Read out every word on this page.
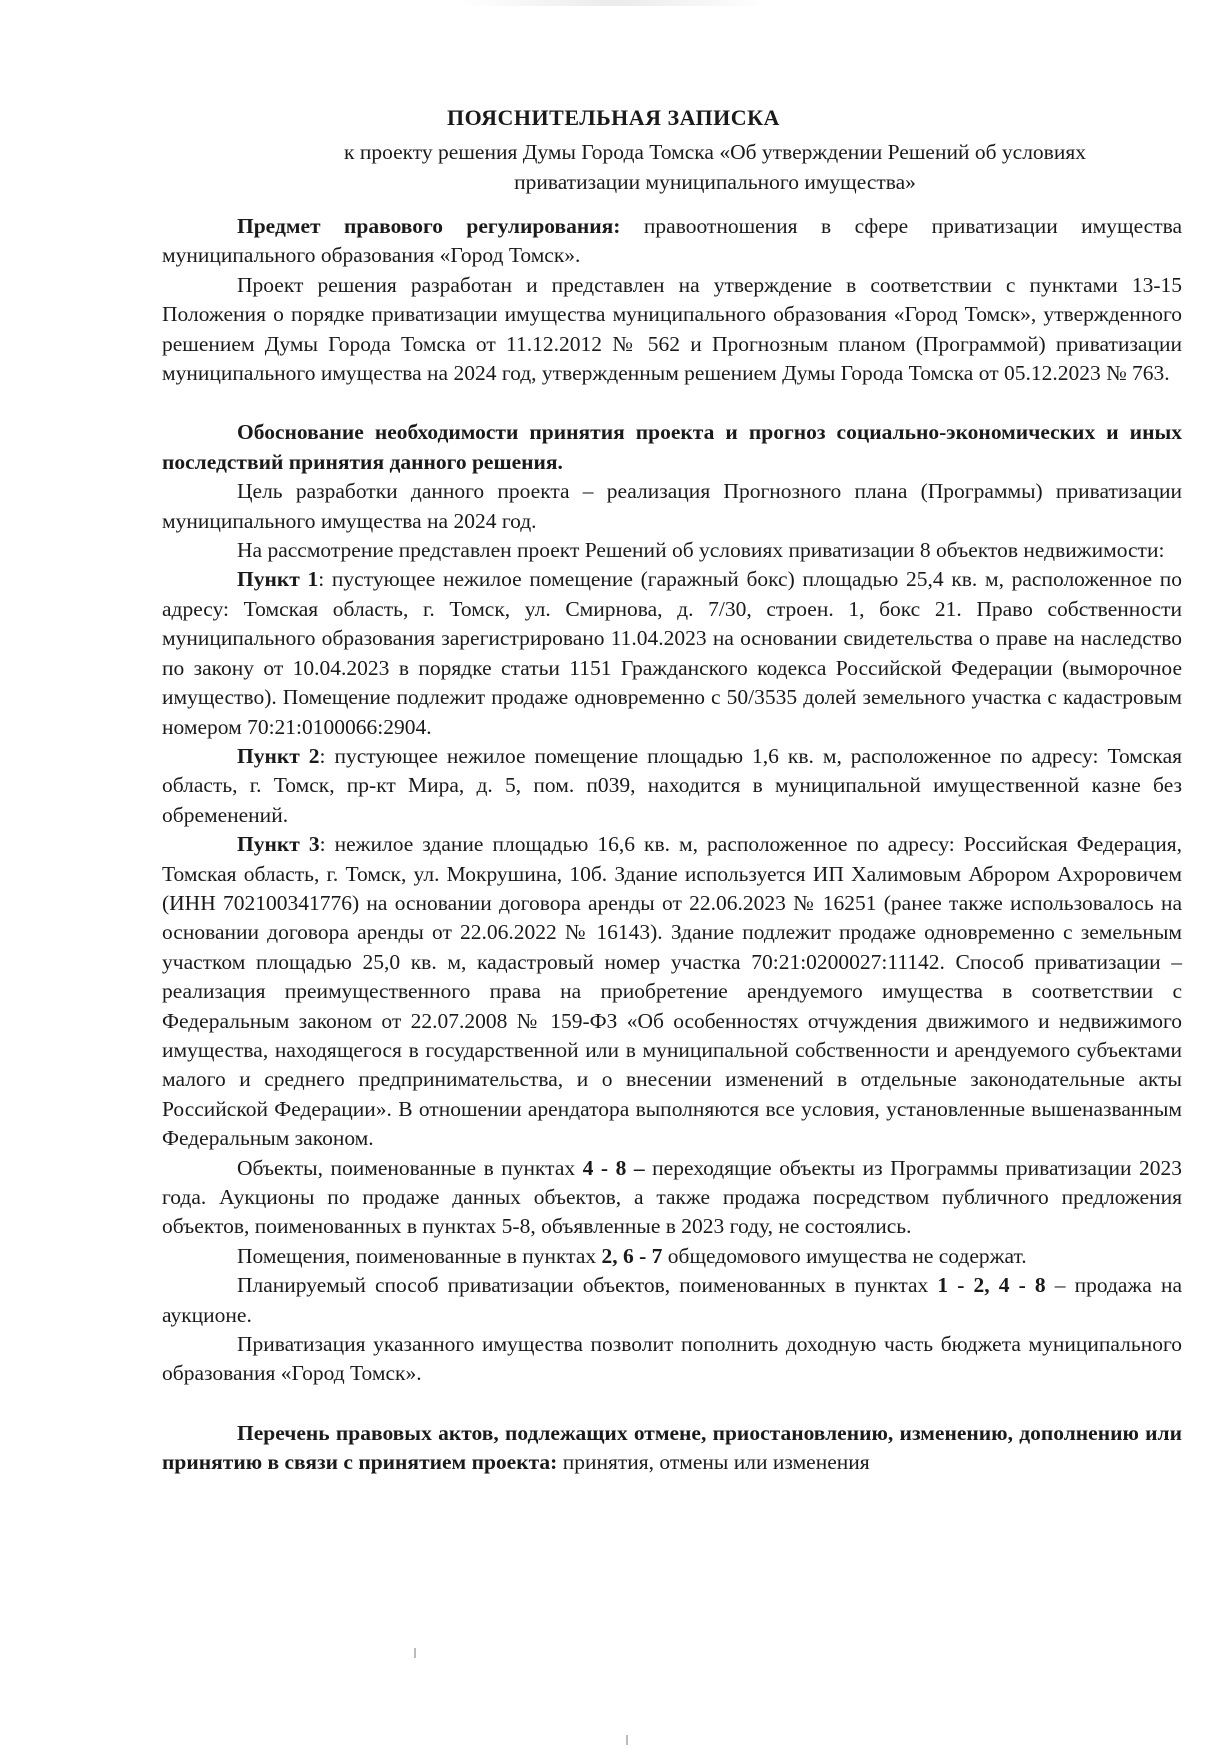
ПОЯСНИТЕЛЬНАЯ ЗАПИСКА
к проекту решения Думы Города Томска «Об утверждении Решений об условиях
приватизации муниципального имущества»

Предмет правового регулирования: правоотношения в сфере приватизации имущества муниципального образования «Город Томск».

Проект решения разработан и представлен на утверждение в соответствии с пунктами 13-15 Положения о порядке приватизации имущества муниципального образования «Город Томск», утвержденного решением Думы Города Томска от 11.12.2012 № 562 и Прогнозным планом (Программой) приватизации муниципального имущества на 2024 год, утвержденным решением Думы Города Томска от 05.12.2023 № 763.

Обоснование необходимости принятия проекта и прогноз социально-экономических и иных последствий принятия данного решения.

Цель разработки данного проекта – реализация Прогнозного плана (Программы) приватизации муниципального имущества на 2024 год.

На рассмотрение представлен проект Решений об условиях приватизации 8 объектов недвижимости:

Пункт 1: пустующее нежилое помещение (гаражный бокс) площадью 25,4 кв. м, расположенное по адресу: Томская область, г. Томск, ул. Смирнова, д. 7/30, строен. 1, бокс 21. Право собственности муниципального образования зарегистрировано 11.04.2023 на основании свидетельства о праве на наследство по закону от 10.04.2023 в порядке статьи 1151 Гражданского кодекса Российской Федерации (выморочное имущество). Помещение подлежит продаже одновременно с 50/3535 долей земельного участка с кадастровым номером 70:21:0100066:2904.

Пункт 2: пустующее нежилое помещение площадью 1,6 кв. м, расположенное по адресу: Томская область, г. Томск, пр-кт Мира, д. 5, пом. п039, находится в муниципальной имущественной казне без обременений.

Пункт 3: нежилое здание площадью 16,6 кв. м, расположенное по адресу: Российская Федерация, Томская область, г. Томск, ул. Мокрушина, 10б. Здание используется ИП Халимовым Аброром Ахроровичем (ИНН 702100341776) на основании договора аренды от 22.06.2023 № 16251 (ранее также использовалось на основании договора аренды от 22.06.2022 № 16143). Здание подлежит продаже одновременно с земельным участком площадью 25,0 кв. м, кадастровый номер участка 70:21:0200027:11142. Способ приватизации – реализация преимущественного права на приобретение арендуемого имущества в соответствии с Федеральным законом от 22.07.2008 № 159-ФЗ «Об особенностях отчуждения движимого и недвижимого имущества, находящегося в государственной или в муниципальной собственности и арендуемого субъектами малого и среднего предпринимательства, и о внесении изменений в отдельные законодательные акты Российской Федерации». В отношении арендатора выполняются все условия, установленные вышеназванным Федеральным законом.

Объекты, поименованные в пунктах 4 - 8 – переходящие объекты из Программы приватизации 2023 года. Аукционы по продаже данных объектов, а также продажа посредством публичного предложения объектов, поименованных в пунктах 5-8, объявленные в 2023 году, не состоялись.

Помещения, поименованные в пунктах 2, 6 - 7 общедомового имущества не содержат.

Планируемый способ приватизации объектов, поименованных в пунктах 1 - 2, 4 - 8 – продажа на аукционе.

Приватизация указанного имущества позволит пополнить доходную часть бюджета муниципального образования «Город Томск».

Перечень правовых актов, подлежащих отмене, приостановлению, изменению, дополнению или принятию в связи с принятием проекта: принятия, отмены или изменения
